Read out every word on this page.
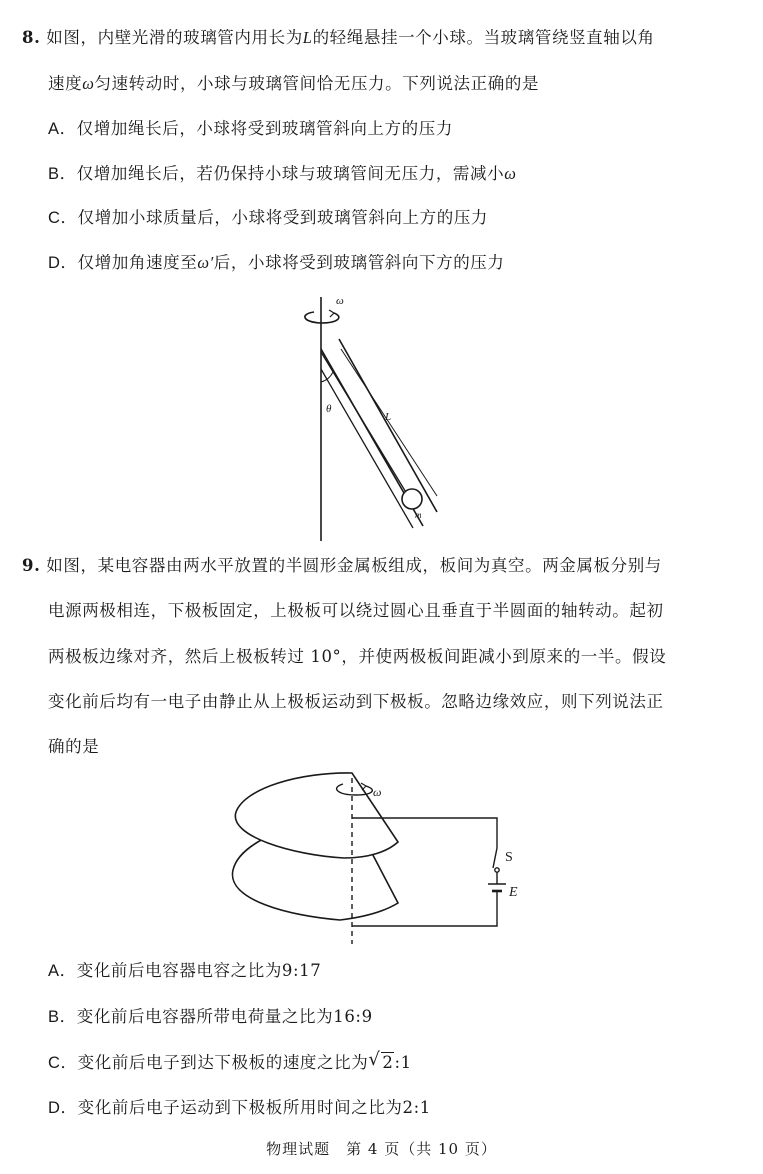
8. 如图，内壁光滑的玻璃管内用长为L的轻绳悬挂一个小球。当玻璃管绕竖直轴以角
速度ω匀速转动时，小球与玻璃管间恰无压力。下列说法正确的是
A．仅增加绳长后，小球将受到玻璃管斜向上方的压力
B．仅增加绳长后，若仍保持小球与玻璃管间无压力，需减小ω
C．仅增加小球质量后，小球将受到玻璃管斜向上方的压力
D．仅增加角速度至ω′后，小球将受到玻璃管斜向下方的压力
ω
θ
L
m
9. 如图，某电容器由两水平放置的半圆形金属板组成，板间为真空。两金属板分别与
电源两极相连，下极板固定，上极板可以绕过圆心且垂直于半圆面的轴转动。起初
两极板边缘对齐，然后上极板转过 10°，并使两极板间距减小到原来的一半。假设
变化前后均有一电子由静止从上极板运动到下极板。忽略边缘效应，则下列说法正
确的是
ω
S
E
A．变化前后电容器电容之比为9:17
B．变化前后电容器所带电荷量之比为16:9
C．变化前后电子到达下极板的速度之比为 √ 2:1
D．变化前后电子运动到下极板所用时间之比为2:1
物理试题　第 4 页（共 10 页）
